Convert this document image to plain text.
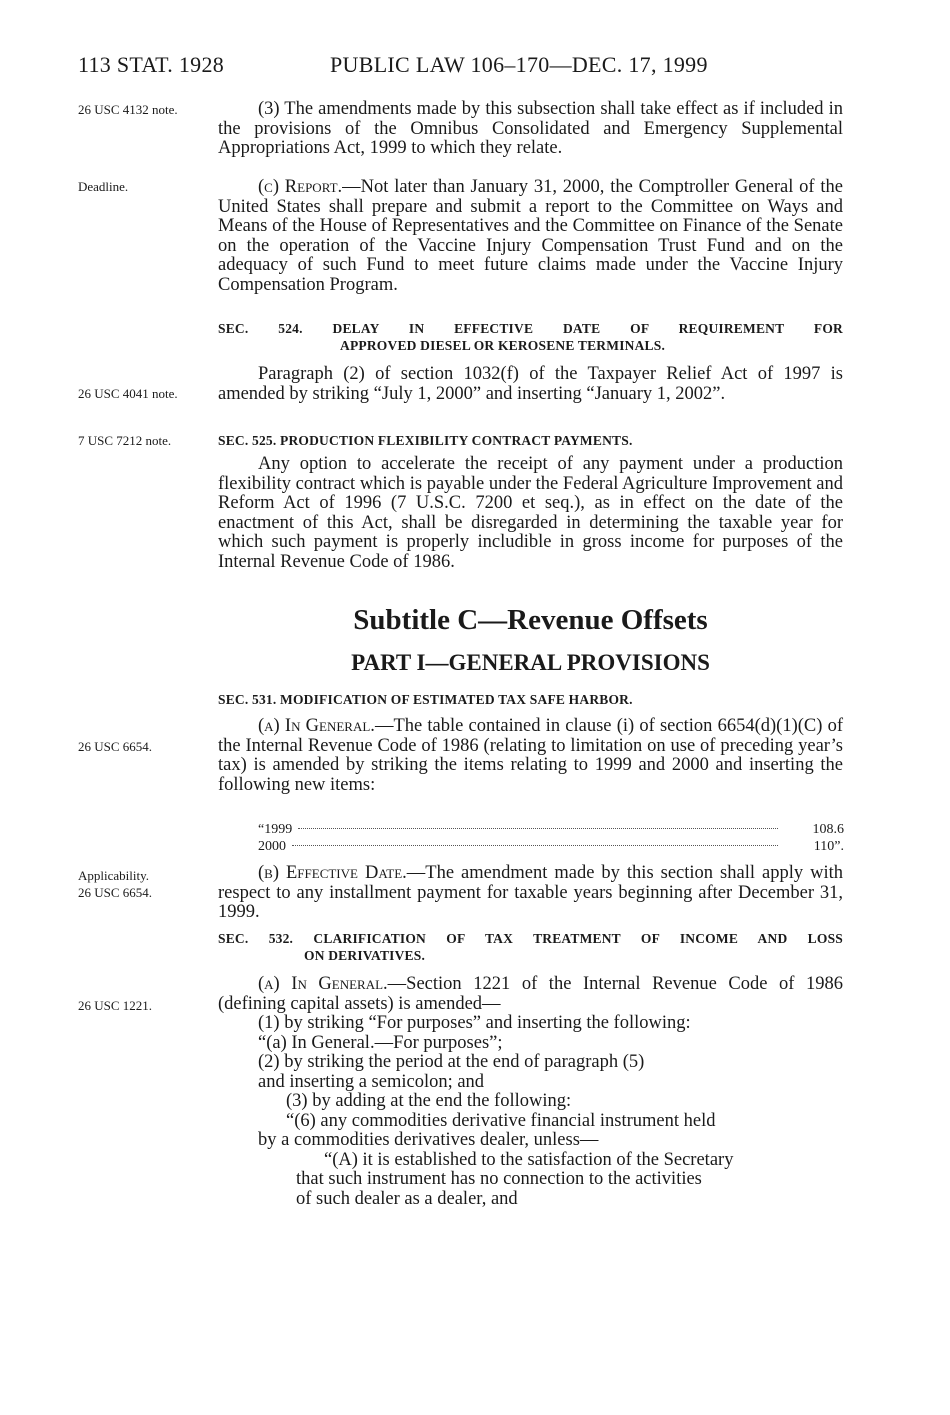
113 STAT. 1928	PUBLIC LAW 106–170—DEC. 17, 1999
26 USC 4132 note.
Deadline.
26 USC 4041 note.
7 USC 7212 note.
26 USC 6654.
Applicability.
26 USC 6654.
26 USC 1221.

(3) The amendments made by this subsection shall take effect as if included in the provisions of the Omnibus Consolidated and Emergency Supplemental Appropriations Act, 1999 to which they relate.

(c) Report.—Not later than January 31, 2000, the Comptroller General of the United States shall prepare and submit a report to the Committee on Ways and Means of the House of Representatives and the Committee on Finance of the Senate on the operation of the Vaccine Injury Compensation Trust Fund and on the adequacy of such Fund to meet future claims made under the Vaccine Injury Compensation Program.

SEC. 524. DELAY IN EFFECTIVE DATE OF REQUIREMENT FOR
APPROVED DIESEL OR KEROSENE TERMINALS.

Paragraph (2) of section 1032(f) of the Taxpayer Relief Act of 1997 is amended by striking “July 1, 2000” and inserting “January 1, 2002”.

SEC. 525. PRODUCTION FLEXIBILITY CONTRACT PAYMENTS.

Any option to accelerate the receipt of any payment under a production flexibility contract which is payable under the Federal Agriculture Improvement and Reform Act of 1996 (7 U.S.C. 7200 et seq.), as in effect on the date of the enactment of this Act, shall be disregarded in determining the taxable year for which such payment is properly includible in gross income for purposes of the Internal Revenue Code of 1986.

Subtitle C—Revenue Offsets
PART I—GENERAL PROVISIONS
SEC. 531. MODIFICATION OF ESTIMATED TAX SAFE HARBOR.

(a) In General.—The table contained in clause (i) of section 6654(d)(1)(C) of the Internal Revenue Code of 1986 (relating to limitation on use of preceding year’s tax) is amended by striking the items relating to 1999 and 2000 and inserting the following new items:

“1999	108.6
2000	110”.

(b) Effective Date.—The amendment made by this section shall apply with respect to any installment payment for taxable years beginning after December 31, 1999.

SEC. 532. CLARIFICATION OF TAX TREATMENT OF INCOME AND LOSS
ON DERIVATIVES.

(a) In General.—Section 1221 of the Internal Revenue Code of 1986 (defining capital assets) is amended—

(1) by striking “For purposes” and inserting the following:
“(a) In General.—For purposes”;
(2) by striking the period at the end of paragraph (5)
and inserting a semicolon; and
(3) by adding at the end the following:
“(6) any commodities derivative financial instrument held
by a commodities derivatives dealer, unless—
“(A) it is established to the satisfaction of the Secretary
that such instrument has no connection to the activities
of such dealer as a dealer, and
